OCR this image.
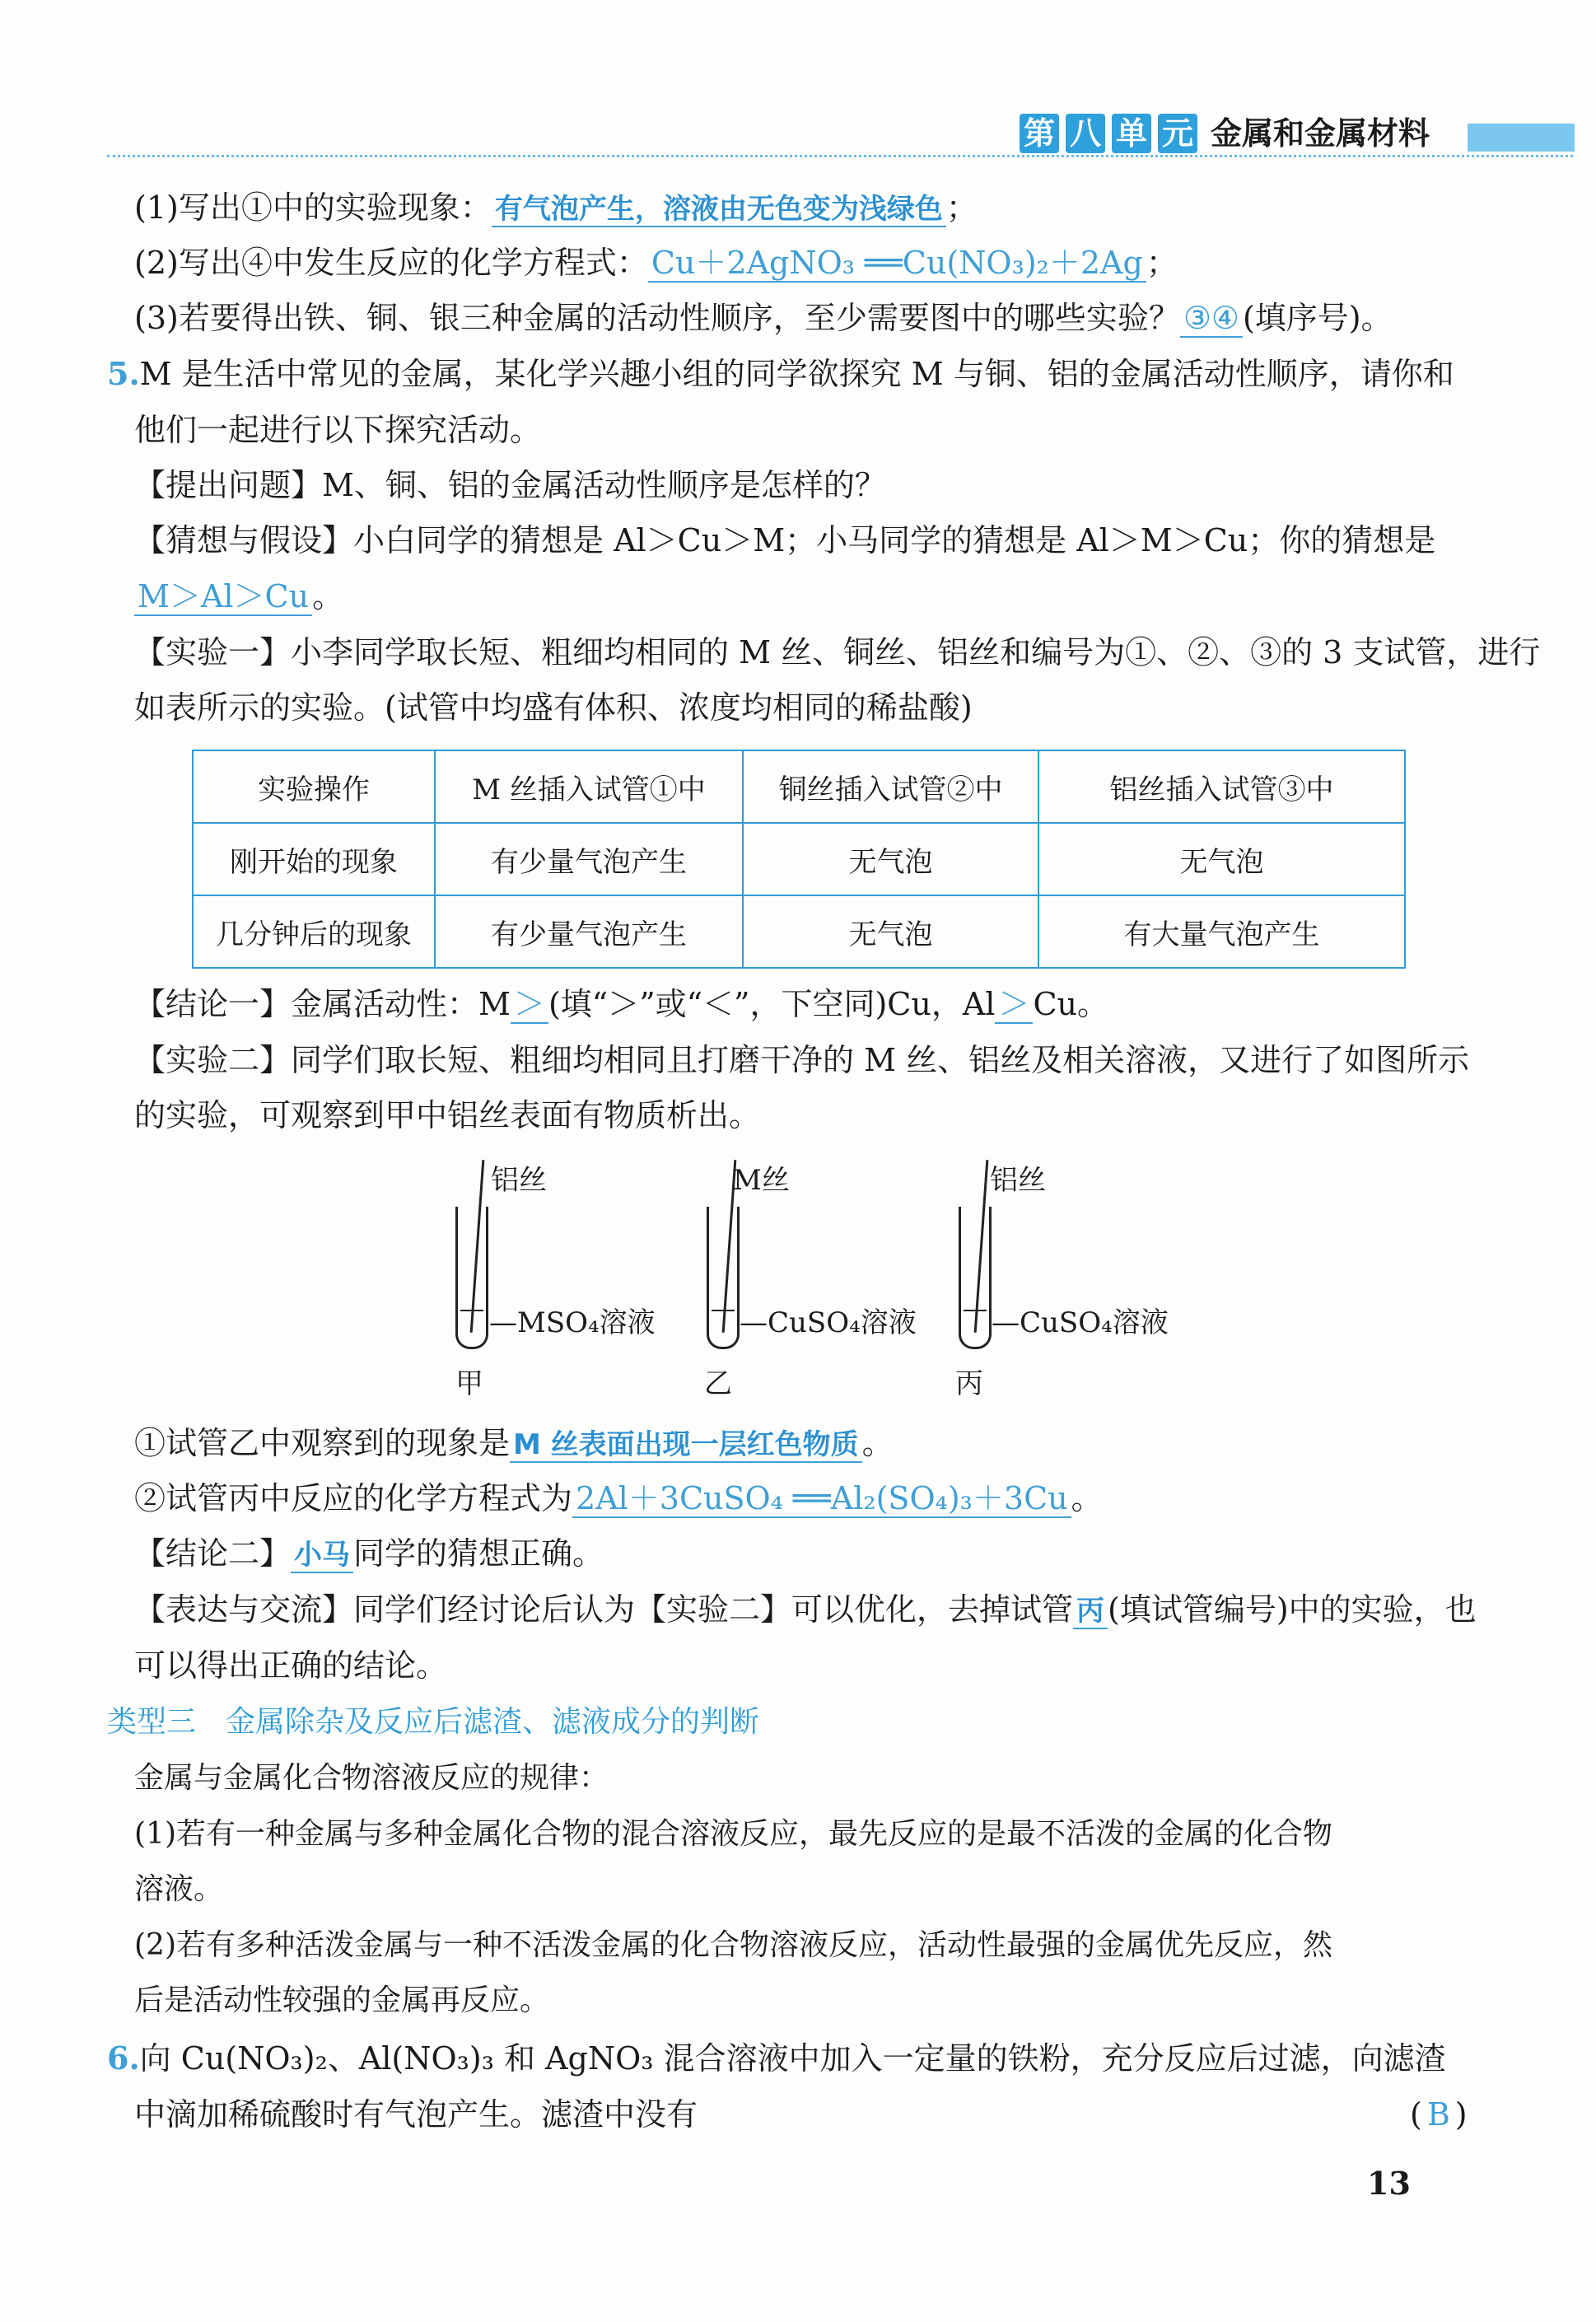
第 八 单 元 金属和金属材料
(1)写出①中的实验现象： 有气泡产生，溶液由无色变为浅绿色 ；
(2)写出④中发生反应的化学方程式： Cu＋2AgNO₃ ══Cu(NO₃)₂＋2Ag ；
(3)若要得出铁、铜、银三种金属的活动性顺序，至少需要图中的哪些实验？ ③④ (填序号)。
5.M 是生活中常见的金属，某化学兴趣小组的同学欲探究 M 与铜、铝的金属活动性顺序，请你和
他们一起进行以下探究活动。
【提出问题】M、铜、铝的金属活动性顺序是怎样的？
【猜想与假设】小白同学的猜想是 Al＞Cu＞M；小马同学的猜想是 Al＞M＞Cu；你的猜想是
M＞Al＞Cu 。
【实验一】小李同学取长短、粗细均相同的 M 丝、铜丝、铝丝和编号为①、②、③的 3 支试管，进行
如表所示的实验。(试管中均盛有体积、浓度均相同的稀盐酸)
实验操作	M 丝插入试管①中	铜丝插入试管②中	铝丝插入试管③中
刚开始的现象	有少量气泡产生	无气泡	无气泡
几分钟后的现象	有少量气泡产生	无气泡	有大量气泡产生
【结论一】金属活动性：M ＞ (填“＞”或“＜”，下空同)Cu，Al ＞ Cu。
【实验二】同学们取长短、粗细均相同且打磨干净的 M 丝、铝丝及相关溶液，又进行了如图所示
的实验，可观察到甲中铝丝表面有物质析出。
铝丝
—MSO₄溶液
甲
M丝
—CuSO₄溶液
乙
铝丝
—CuSO₄溶液
丙
①试管乙中观察到的现象是 M 丝表面出现一层红色物质 。
②试管丙中反应的化学方程式为 2Al＋3CuSO₄ ══Al₂(SO₄)₃＋3Cu 。
【结论二】 小马 同学的猜想正确。
【表达与交流】同学们经讨论后认为【实验二】可以优化，去掉试管 丙 (填试管编号)中的实验，也
可以得出正确的结论。
类型三　金属除杂及反应后滤渣、滤液成分的判断
金属与金属化合物溶液反应的规律：
(1)若有一种金属与多种金属化合物的混合溶液反应，最先反应的是最不活泼的金属的化合物
溶液。
(2)若有多种活泼金属与一种不活泼金属的化合物溶液反应，活动性最强的金属优先反应，然
后是活动性较强的金属再反应。
6.向 Cu(NO₃)₂、Al(NO₃)₃ 和 AgNO₃ 混合溶液中加入一定量的铁粉，充分反应后过滤，向滤渣
中滴加稀硫酸时有气泡产生。滤渣中没有	( B )
13
